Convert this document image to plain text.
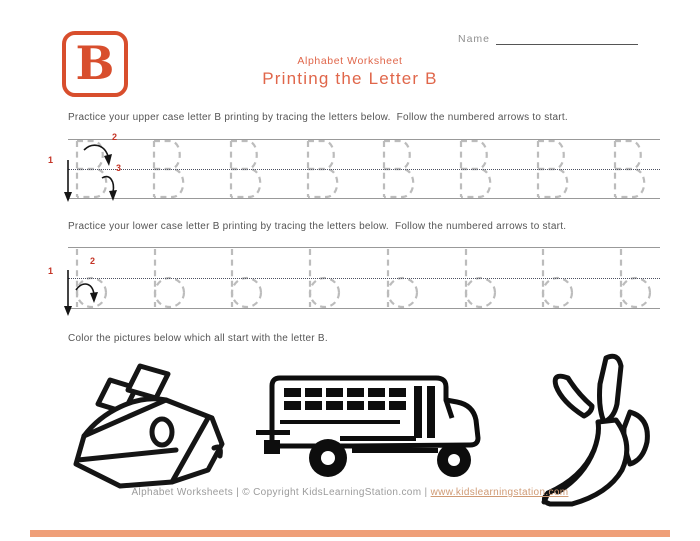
B	Alphabet Worksheet
Printing the Letter B
Name
Practice your upper case letter B printing by tracing the letters below.  Follow the numbered arrows to start.
1
2
3
Practice your lower case letter B printing by tracing the letters below.  Follow the numbered arrows to start.
1
2
Color the pictures below which all start with the letter B.
Alphabet Worksheets | © Copyright KidsLearningStation.com | www.kidslearningstation.com
